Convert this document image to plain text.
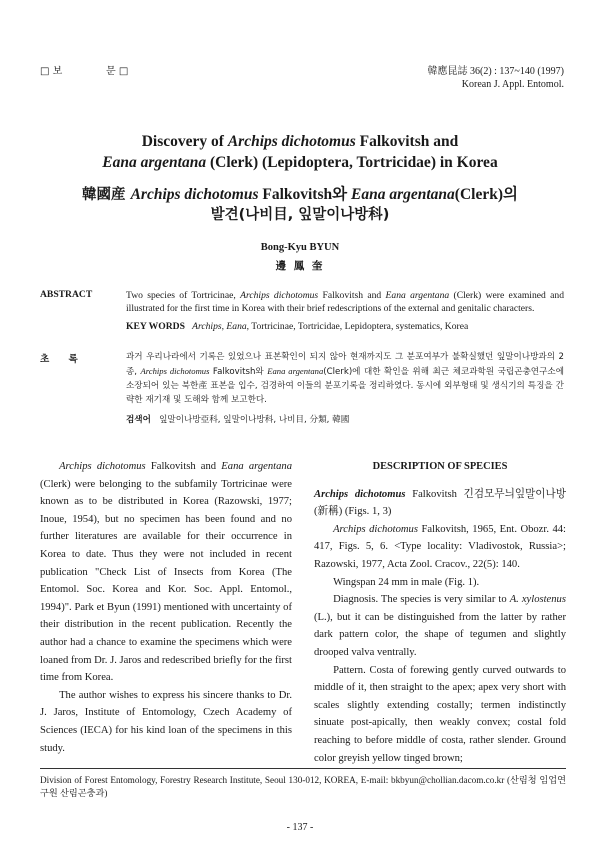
□ 보	문 □	韓應昆誌 36(2) : 137~140 (1997)
Korean J. Appl. Entomol.
Discovery of Archips dichotomus Falkovitsh and
Eana argentana (Clerk) (Lepidoptera, Tortricidae) in Korea
韓國産 Archips dichotomus Falkovitsh와 Eana argentana(Clerk)의
발견(나비目, 잎말이나방科)
Bong-Kyu BYUN
邊 鳳 奎
ABSTRACT	Two species of Tortricinae, Archips dichotomus Falkovitsh and Eana argentana (Clerk) were examined and illustrated for the first time in Korea with their brief redescriptions of the external and genitalic characters.
KEY WORDS Archips, Eana, Tortricinae, Tortricidae, Lepidoptera, systematics, Korea
초　　록	과거 우리나라에서 기록은 있었으나 표본확인이 되지 않아 현재까지도 그 분포여부가 불확실했던 잎말이나방과의 2종, Archips dichotomus Falkovitsh와 Eana argentana(Clerk)에 대한 확인을 위해 최근 체코과학원 국립곤충연구소에 소장되어 있는 북한產 표본을 입수, 검경하여 이들의 분포기록을 정리하였다. 동시에 외부형태 및 생식기의 특징을 간략한 재기재 및 도해와 함께 보고한다.
검색어 잎말이나방亞科, 잎말이나방科, 나비目, 分類, 韓國

Archips dichotomus Falkovitsh and Eana argentana (Clerk) were belonging to the subfamily Tortricinae were known as to be distributed in Korea (Razowski, 1977; Inoue, 1954), but no specimen has been found and no further literatures are available for their occurrence in Korea to date. Thus they were not included in recent publication "Check List of Insects from Korea (The Entomol. Soc. Korea and Kor. Soc. Appl. Entomol., 1994)". Park et Byun (1991) mentioned with uncertainty of their distribution in the recent publication. Recently the author had a chance to examine the specimens which were loaned from Dr. J. Jaros and redescribed briefly for the first time from Korea.

The author wishes to express his sincere thanks to Dr. J. Jaros, Institute of Entomology, Czech Academy of Sciences (IECA) for his kind loan of the specimens in this study.

DESCRIPTION OF SPECIES

Archips dichotomus Falkovitsh 긴검모무늬잎말이나방(新稱) (Figs. 1, 3)

Archips dichotomus Falkovitsh, 1965, Ent. Obozr. 44: 417, Figs. 5, 6. <Type locality: Vladivostok, Russia>; Razowski, 1977, Acta Zool. Cracov., 22(5): 140.

Wingspan 24 mm in male (Fig. 1).

Diagnosis. The species is very similar to A. xylostenus (L.), but it can be distinguished from the latter by rather dark pattern color, the shape of tegumen and slightly drooped valva ventrally.

Pattern. Costa of forewing gently curved outwards to middle of it, then straight to the apex; apex very short with scales slightly extending costally; termen indistinctly sinuate post-apically, then weakly convex; costal fold reaching to before middle of costa, rather slender. Ground color greyish yellow tinged brown;

Division of Forest Entomology, Forestry Research Institute, Seoul 130-012, KOREA, E-mail: bkbyun@chollian.dacom.co.kr (산림청 임업연구원 산림곤충과)
- 137 -
